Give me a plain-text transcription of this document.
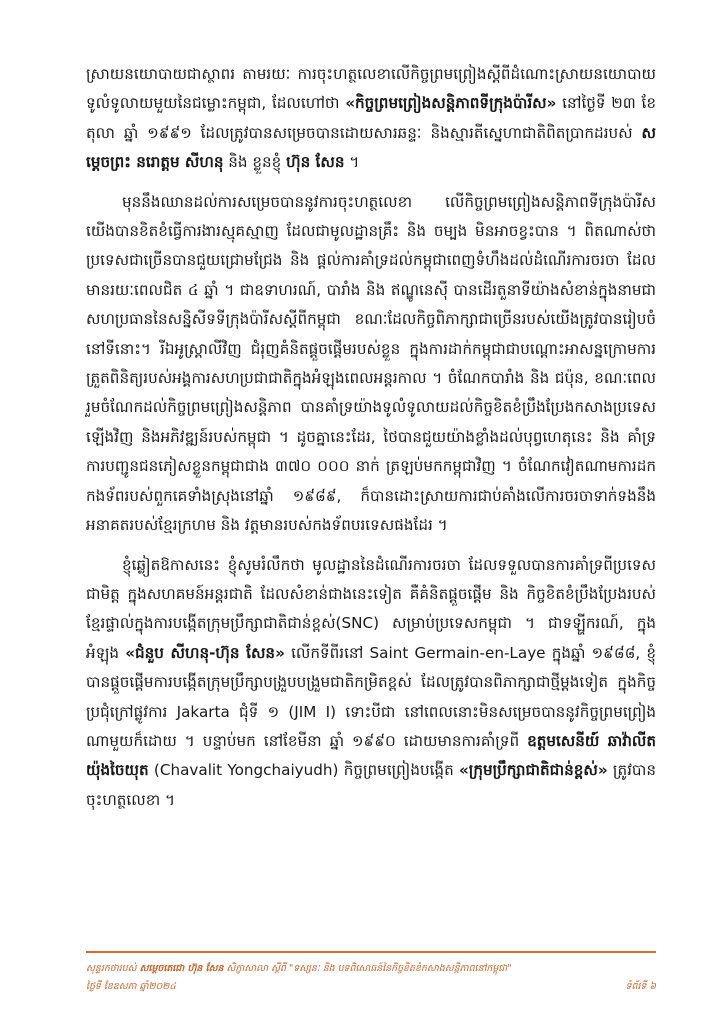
ស្រាយនយោបាយជាស្ថាពរ តាមរយៈ ការចុះហត្ថលេខាលើកិច្ចព្រមព្រៀងស្តីពីដំណោះស្រាយនយោបាយទូលំទូលាយមួយនៃជម្លោះកម្ពុជា, ដែលហៅថា «កិច្ចព្រមព្រៀងសន្តិភាពទីក្រុងប៉ារីស» នៅថ្ងៃទី ២៣ ខែ តុលា ឆ្នាំ ១៩៩១ ដែលត្រូវបានសម្រេចបានដោយសារឆន្ទៈ និងស្មារតីស្នេហាជាតិពិតប្រាកដរបស់ សម្តេចព្រះ នរោត្តម សីហនុ និង ខ្លួនខ្ញុំ ហ៊ុន សែន ។

មុននឹងឈានដល់ការសម្រេចបាននូវការចុះហត្ថលេខា លើកិច្ចព្រមព្រៀងសន្តិភាពទីក្រុងប៉ារីស យើងបានខិតខំធ្វើការងារស្មុគស្មាញ ដែលជាមូលដ្ឋានគ្រឹះ និង ចម្បង មិនអាចខ្វះបាន ។ ពិតណាស់ថា ប្រទេសជាច្រើនបានជួយជ្រោមជ្រែង និង ផ្តល់ការគាំទ្រដល់កម្ពុជាពេញទំហឹងដល់ដំណើរការចរចា ដែលមានរយៈពេលជិត ៤ ឆ្នាំ ។ ជាឧទាហរណ៍, បារាំង និង ឥណ្ឌូនេស៊ី បានដើរតួនាទីយ៉ាងសំខាន់ក្នុងនាមជា សហប្រធាននៃសន្និសីទទីក្រុងប៉ារីសស្តីពីកម្ពុជា ខណៈដែលកិច្ចពិភាក្សាជាច្រើនរបស់យើងត្រូវបានរៀបចំនៅទីនោះ។ រីឯអូស្ត្រាលីវិញ ជំរុញគំនិតផ្តួចផ្តើមរបស់ខ្លួន ក្នុងការដាក់កម្ពុជាជាបណ្តោះអាសន្នក្រោមការត្រួតពិនិត្យរបស់អង្គការសហប្រជាជាតិក្នុងអំឡុងពេលអន្តរកាល ។ ចំណែកបារាំង និង ជប៉ុន, ខណៈពេលរួមចំណែកដល់កិច្ចព្រមព្រៀងសន្តិភាព បានគាំទ្រយ៉ាងទូលំទូលាយដល់កិច្ចខិតខំប្រឹងប្រែងកសាងប្រទេសឡើងវិញ និងអភិវឌ្ឍន៍របស់កម្ពុជា ។ ដូចគ្នានេះដែរ, ថៃបានជួយយ៉ាងខ្លាំងដល់បុព្វហេតុនេះ និង គាំទ្រការបញ្ជូនជនភៀសខ្លួនកម្ពុជាជាង ៣៧០ ០០០ នាក់ ត្រឡប់មកកម្ពុជាវិញ ។ ចំណែកវៀតណាមការដកកងទ័ពរបស់ពួកគេទាំងស្រុងនៅឆ្នាំ ១៩៨៩, ក៏បានដោះស្រាយការជាប់គាំងលើការចរចាទាក់ទងនឹងអនាគតរបស់ខ្មែរក្រហម និង វត្តមានរបស់កងទ័ពបរទេសផងដែរ ។

ខ្ញុំឆ្លៀតឱកាសនេះ ខ្ញុំសូមរំលឹកថា មូលដ្ឋាននៃដំណើរការចរចា ដែលទទួលបានការគាំទ្រពីប្រទេសជាមិត្ត ក្នុងសហគមន៍អន្តរជាតិ ដែលសំខាន់ជាងនេះទៀត គឺគំនិតផ្តួចផ្តើម និង កិច្ចខិតខំប្រឹងប្រែងរបស់ខ្មែរផ្ទាល់ក្នុងការបង្កើតក្រុមប្រឹក្សាជាតិជាន់ខ្ពស់(SNC) សម្រាប់ប្រទេសកម្ពុជា ។ ជាទឡ្ហីករណ៍, ក្នុងអំឡុង «ជំនួប សីហនុ-ហ៊ុន សែន» លើកទីពីរនៅ Saint Germain-en-Laye ក្នុងឆ្នាំ ១៩៨៨, ខ្ញុំបានផ្តួចផ្តើមការបង្កើតក្រុមប្រឹក្សាបង្រួបបង្រួមជាតិកម្រិតខ្ពស់ ដែលត្រូវបានពិភាក្សាជាថ្មីម្តងទៀត ក្នុងកិច្ចប្រជុំក្រៅផ្លូវការ Jakarta ជុំទី ១ (JIM I) ទោះបីជា នៅពេលនោះមិនសម្រេចបាននូវកិច្ចព្រមព្រៀងណាមួយក៏ដោយ ។ បន្ទាប់មក នៅខែមីនា ឆ្នាំ ១៩៩០ ដោយមានការគាំទ្រពី ឧត្តមសេនីយ៍ ឆាវ៉ាលីត យ៉ុងចៃយុត (Chavalit Yongchaiyudh) កិច្ចព្រមព្រៀងបង្កើត «ក្រុមប្រឹក្សាជាតិជាន់ខ្ពស់» ត្រូវបានចុះហត្ថលេខា ។

សុន្ទរកថារបស់ សម្តេចតេជោ ហ៊ុន សែន សិក្ខាសាលា ស្តីពី "ទស្សនៈ និង បទពិសោធន៍នៃកិច្ចខិតខំកសាងសន្តិភាពនៅកម្ពុជា"
ថ្ងៃទី ខែឧសភា ឆ្នាំ២០២៤	ទំព័រទី ៦
